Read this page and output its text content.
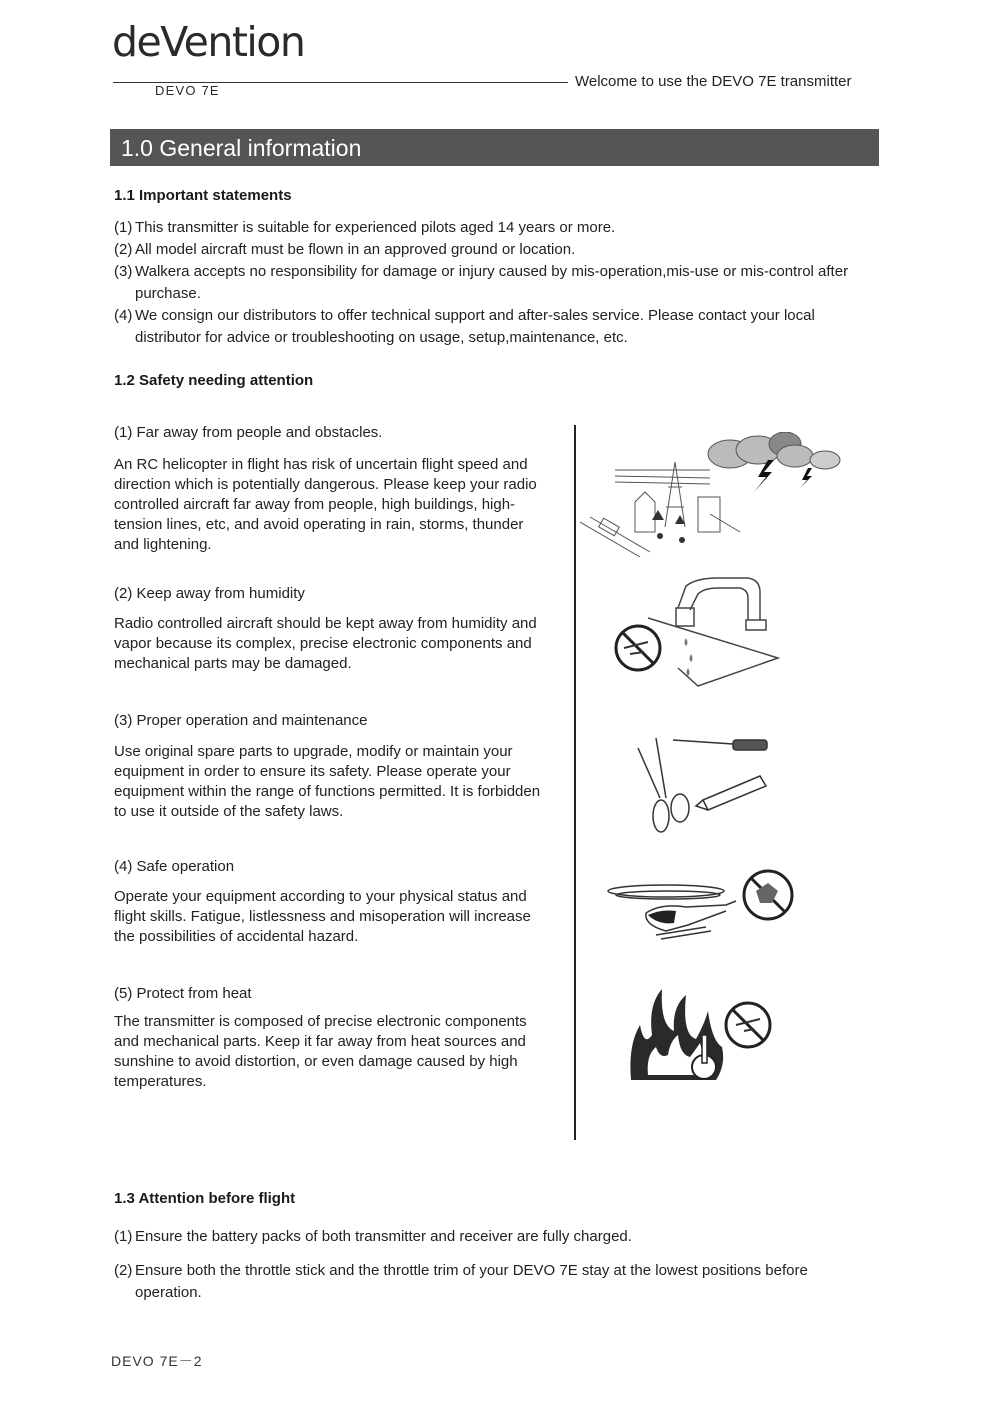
deVention
DEVO 7E
Welcome to use the DEVO 7E transmitter
1.0 General information
1.1 Important statements
(1) This transmitter is suitable for experienced pilots aged 14 years or more.
(2) All model aircraft must be flown in an approved ground or location.
(3) Walkera accepts no responsibility for damage or injury caused by mis-operation,mis-use or mis-control after purchase.
(4) We consign our distributors to offer technical support and after-sales service. Please contact your local distributor for advice or troubleshooting on usage, setup,maintenance, etc.
1.2 Safety needing attention
(1) Far away from people and obstacles.
An RC helicopter in flight has risk of uncertain flight speed and direction which is potentially dangerous. Please keep your radio controlled aircraft far away from people, high buildings, high-tension lines, etc, and avoid operating in rain, storms, thunder and lightening.
(2) Keep away from humidity
Radio controlled aircraft should be kept away from humidity and vapor because its complex, precise electronic components and mechanical parts may be damaged.
(3) Proper operation and maintenance
Use original spare parts to upgrade, modify or maintain your equipment in order to ensure its safety. Please operate your equipment within the range of functions permitted. It is forbidden to use it outside of the safety laws.
(4) Safe operation
Operate your equipment according to your physical status and flight skills. Fatigue, listlessness and misoperation will increase the possibilities of accidental hazard.
(5) Protect from heat
The transmitter is composed of precise electronic components and mechanical parts. Keep it far away from heat sources and sunshine to avoid distortion, or even damage caused by high temperatures.
1.3 Attention before flight
(1) Ensure the battery packs of both transmitter and receiver are fully charged.
(2) Ensure both the throttle stick and the throttle trim of your DEVO 7E stay at the lowest positions before operation.
DEVO 7E－2
